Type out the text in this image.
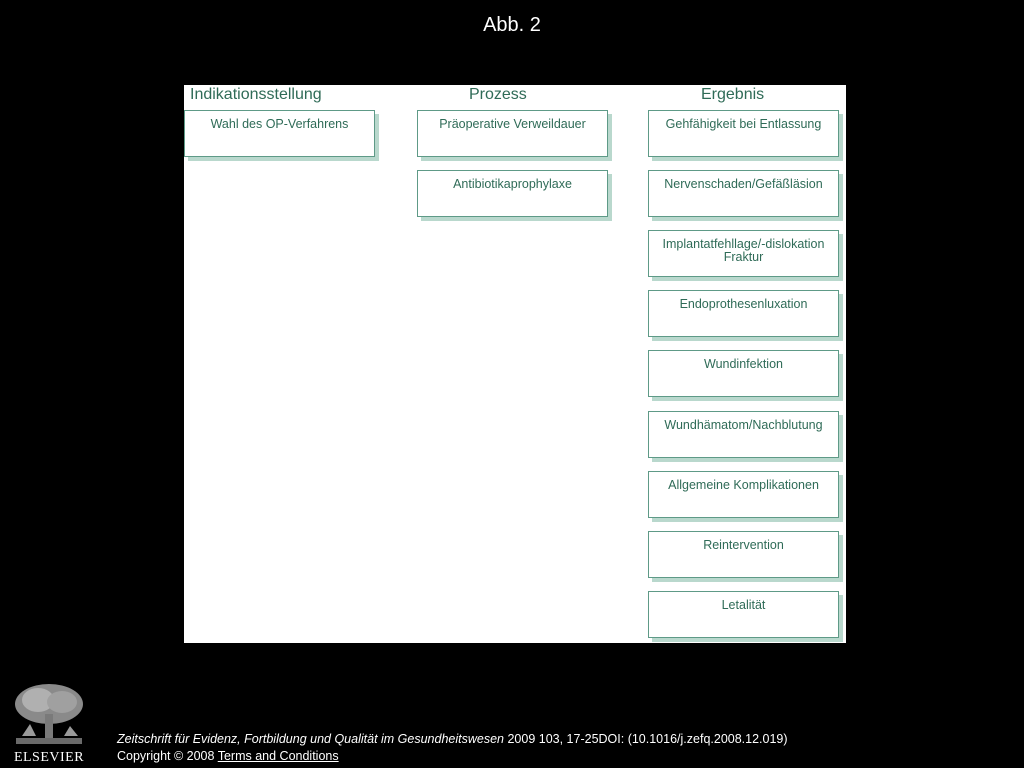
Abb. 2
Indikationsstellung	Prozess	Ergebnis
Wahl des OP-Verfahrens	Präoperative Verweildauer
Antibiotikaprophylaxe
Gehfähigkeit bei Entlassung
Nervenschaden/Gefäßläsion
Implantatfehllage/-dislokation Fraktur
Endoprothesenluxation
Wundinfektion
Wundhämatom/Nachblutung
Allgemeine Komplikationen
Reintervention
Letalität
ELSEVIER
Zeitschrift für Evidenz, Fortbildung und Qualität im Gesundheitswesen 2009 103, 17-25DOI: (10.1016/j.zefq.2008.12.019)
Copyright © 2008 Terms and Conditions
